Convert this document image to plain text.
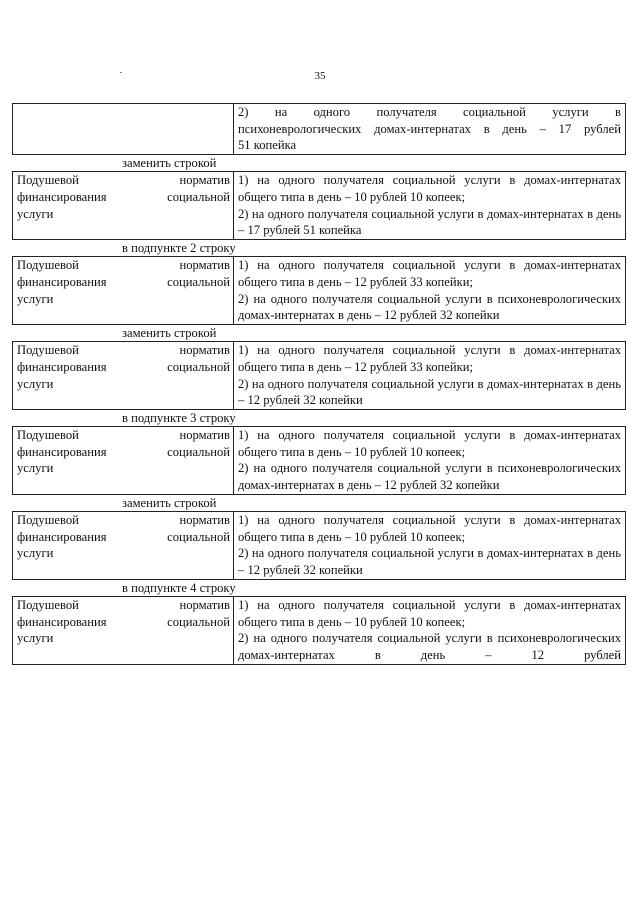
35

2)   на   одного   получателя   социальной   услуги   в

психоневрологических домах-интернатах в день – 17 рублей

51 копейка

заменить строкой

Подушевой норматив

финансирования социальной

услуги

1) на одного получателя социальной услуги в домах-интернатах общего типа в день – 10 рублей 10 копеек;

2) на одного получателя социальной услуги в домах-интернатах в день – 17 рублей 51 копейка

в подпункте 2 строку

Подушевой норматив

финансирования социальной

услуги

1) на одного получателя социальной услуги в домах-интернатах общего типа в день – 12 рублей 33 копейки;

2) на одного получателя социальной услуги в психоневрологических домах-интернатах в день – 12 рублей 32 копейки

заменить строкой

Подушевой норматив

финансирования социальной

услуги

1) на одного получателя социальной услуги в домах-интернатах общего типа в день – 12 рублей 33 копейки;

2) на одного получателя социальной услуги в домах-интернатах в день – 12 рублей 32 копейки

в подпункте 3 строку

Подушевой норматив

финансирования социальной

услуги

1) на одного получателя социальной услуги в домах-интернатах общего типа в день – 10 рублей 10 копеек;

2) на одного получателя социальной услуги в психоневрологических домах-интернатах в день – 12 рублей 32 копейки

заменить строкой

Подушевой норматив

финансирования социальной

услуги

1) на одного получателя социальной услуги в домах-интернатах общего типа в день – 10 рублей 10 копеек;

2) на одного получателя социальной услуги в домах-интернатах в день – 12 рублей 32 копейки

в подпункте 4 строку

Подушевой норматив

финансирования социальной

услуги

1) на одного получателя социальной услуги в домах-интернатах общего типа в день – 10 рублей 10 копеек;

2) на одного получателя социальной услуги в психоневрологических домах-интернатах в день – 12 рублей
